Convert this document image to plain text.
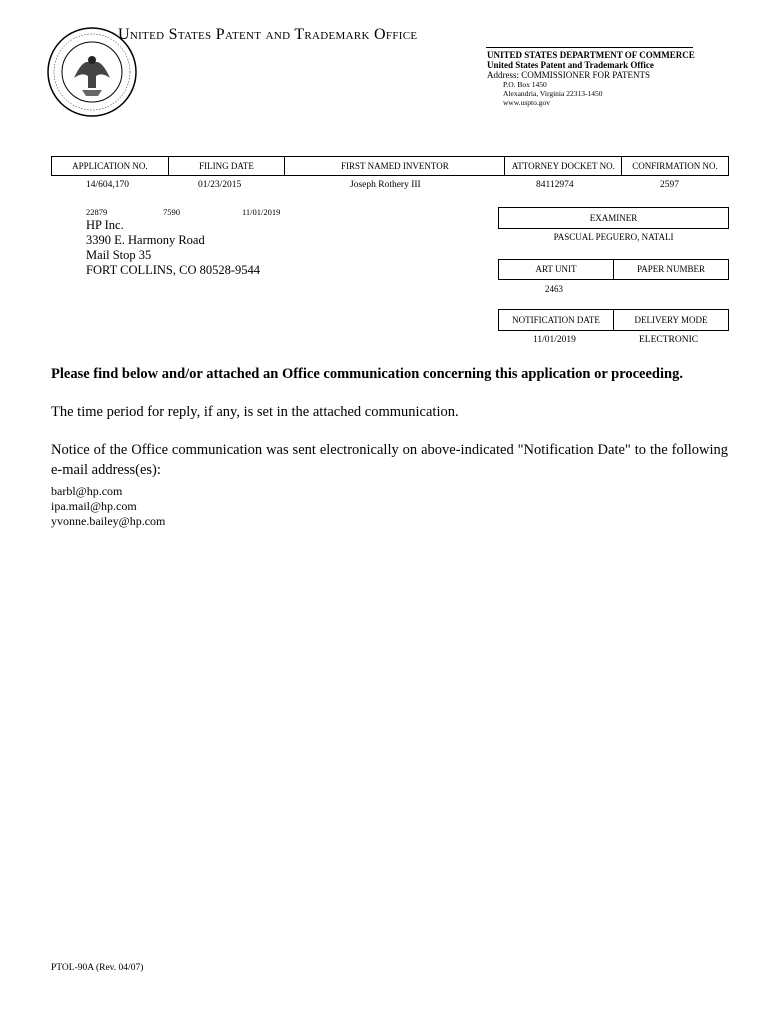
United States Patent and Trademark Office
UNITED STATES DEPARTMENT OF COMMERCE
United States Patent and Trademark Office
Address: COMMISSIONER FOR PATENTS
P.O. Box 1450
Alexandria, Virginia 22313-1450
www.uspto.gov
APPLICATION NO.	FILING DATE	FIRST NAMED INVENTOR	ATTORNEY DOCKET NO.	CONFIRMATION NO.
14/604,170	01/23/2015	Joseph Rothery III	84112974	2597
22879	7590	11/01/2019
HP Inc.
3390 E. Harmony Road
Mail Stop 35
FORT COLLINS, CO 80528-9544
EXAMINER
PASCUAL PEGUERO, NATALI
ART UNIT	PAPER NUMBER
2463
NOTIFICATION DATE	DELIVERY MODE
11/01/2019	ELECTRONIC
Please find below and/or attached an Office communication concerning this application or proceeding.
The time period for reply, if any, is set in the attached communication.
Notice of the Office communication was sent electronically on above-indicated "Notification Date" to the following e-mail address(es):
barbl@hp.com
ipa.mail@hp.com
yvonne.bailey@hp.com
PTOL-90A (Rev. 04/07)
